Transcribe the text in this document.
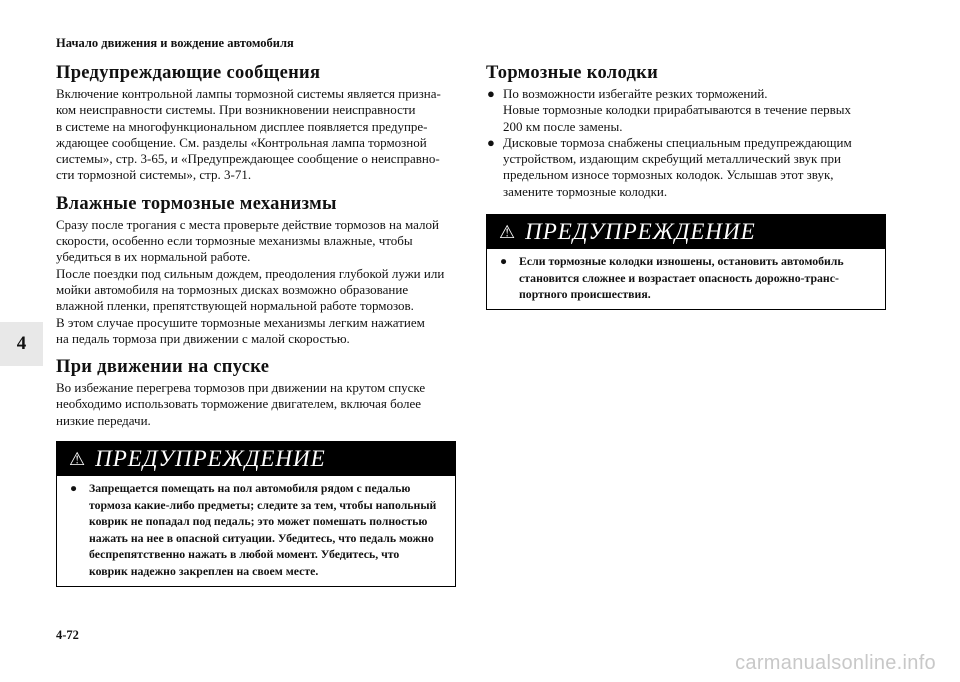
Начало движения и вождение автомобиля
4
Предупреждающие сообщения

Включение контрольной лампы тормозной системы является призна-
ком неисправности системы. При возникновении неисправности
в системе на многофункциональном дисплее появляется предупре-
ждающее сообщение. См. разделы «Контрольная лампа тормозной
системы», стр. 3-65, и «Предупреждающее сообщение о неисправно-
сти тормозной системы», стр. 3-71.

Влажные тормозные механизмы

Сразу после трогания с места проверьте действие тормозов на малой
скорости, особенно если тормозные механизмы влажные, чтобы
убедиться в их нормальной работе.
После поездки под сильным дождем, преодоления глубокой лужи или
мойки автомобиля на тормозных дисках возможно образование
влажной пленки, препятствующей нормальной работе тормозов.
В этом случае просушите тормозные механизмы легким нажатием
на педаль тормоза при движении с малой скоростью.

При движении на спуске

Во избежание перегрева тормозов при движении на крутом спуске
необходимо использовать торможение двигателем, включая более
низкие передачи.

⚠ ПРЕДУПРЕЖДЕНИЕ
● Запрещается помещать на пол автомобиля рядом с педалью
тормоза какие-либо предметы; следите за тем, чтобы напольный
коврик не попадал под педаль; это может помешать полностью
нажать на нее в опасной ситуации. Убедитесь, что педаль можно
беспрепятственно нажать в любой момент. Убедитесь, что
коврик надежно закреплен на своем месте.
Тормозные колодки
● По возможности избегайте резких торможений.
Новые тормозные колодки прирабатываются в течение первых
200 км после замены.
● Дисковые тормоза снабжены специальным предупреждающим
устройством, издающим скребущий металлический звук при
предельном износе тормозных колодок. Услышав этот звук,
замените тормозные колодки.
⚠ ПРЕДУПРЕЖДЕНИЕ
● Если тормозные колодки изношены, остановить автомобиль
становится сложнее и возрастает опасность дорожно-транс-
портного происшествия.
4-72
carmanualsonline.info
